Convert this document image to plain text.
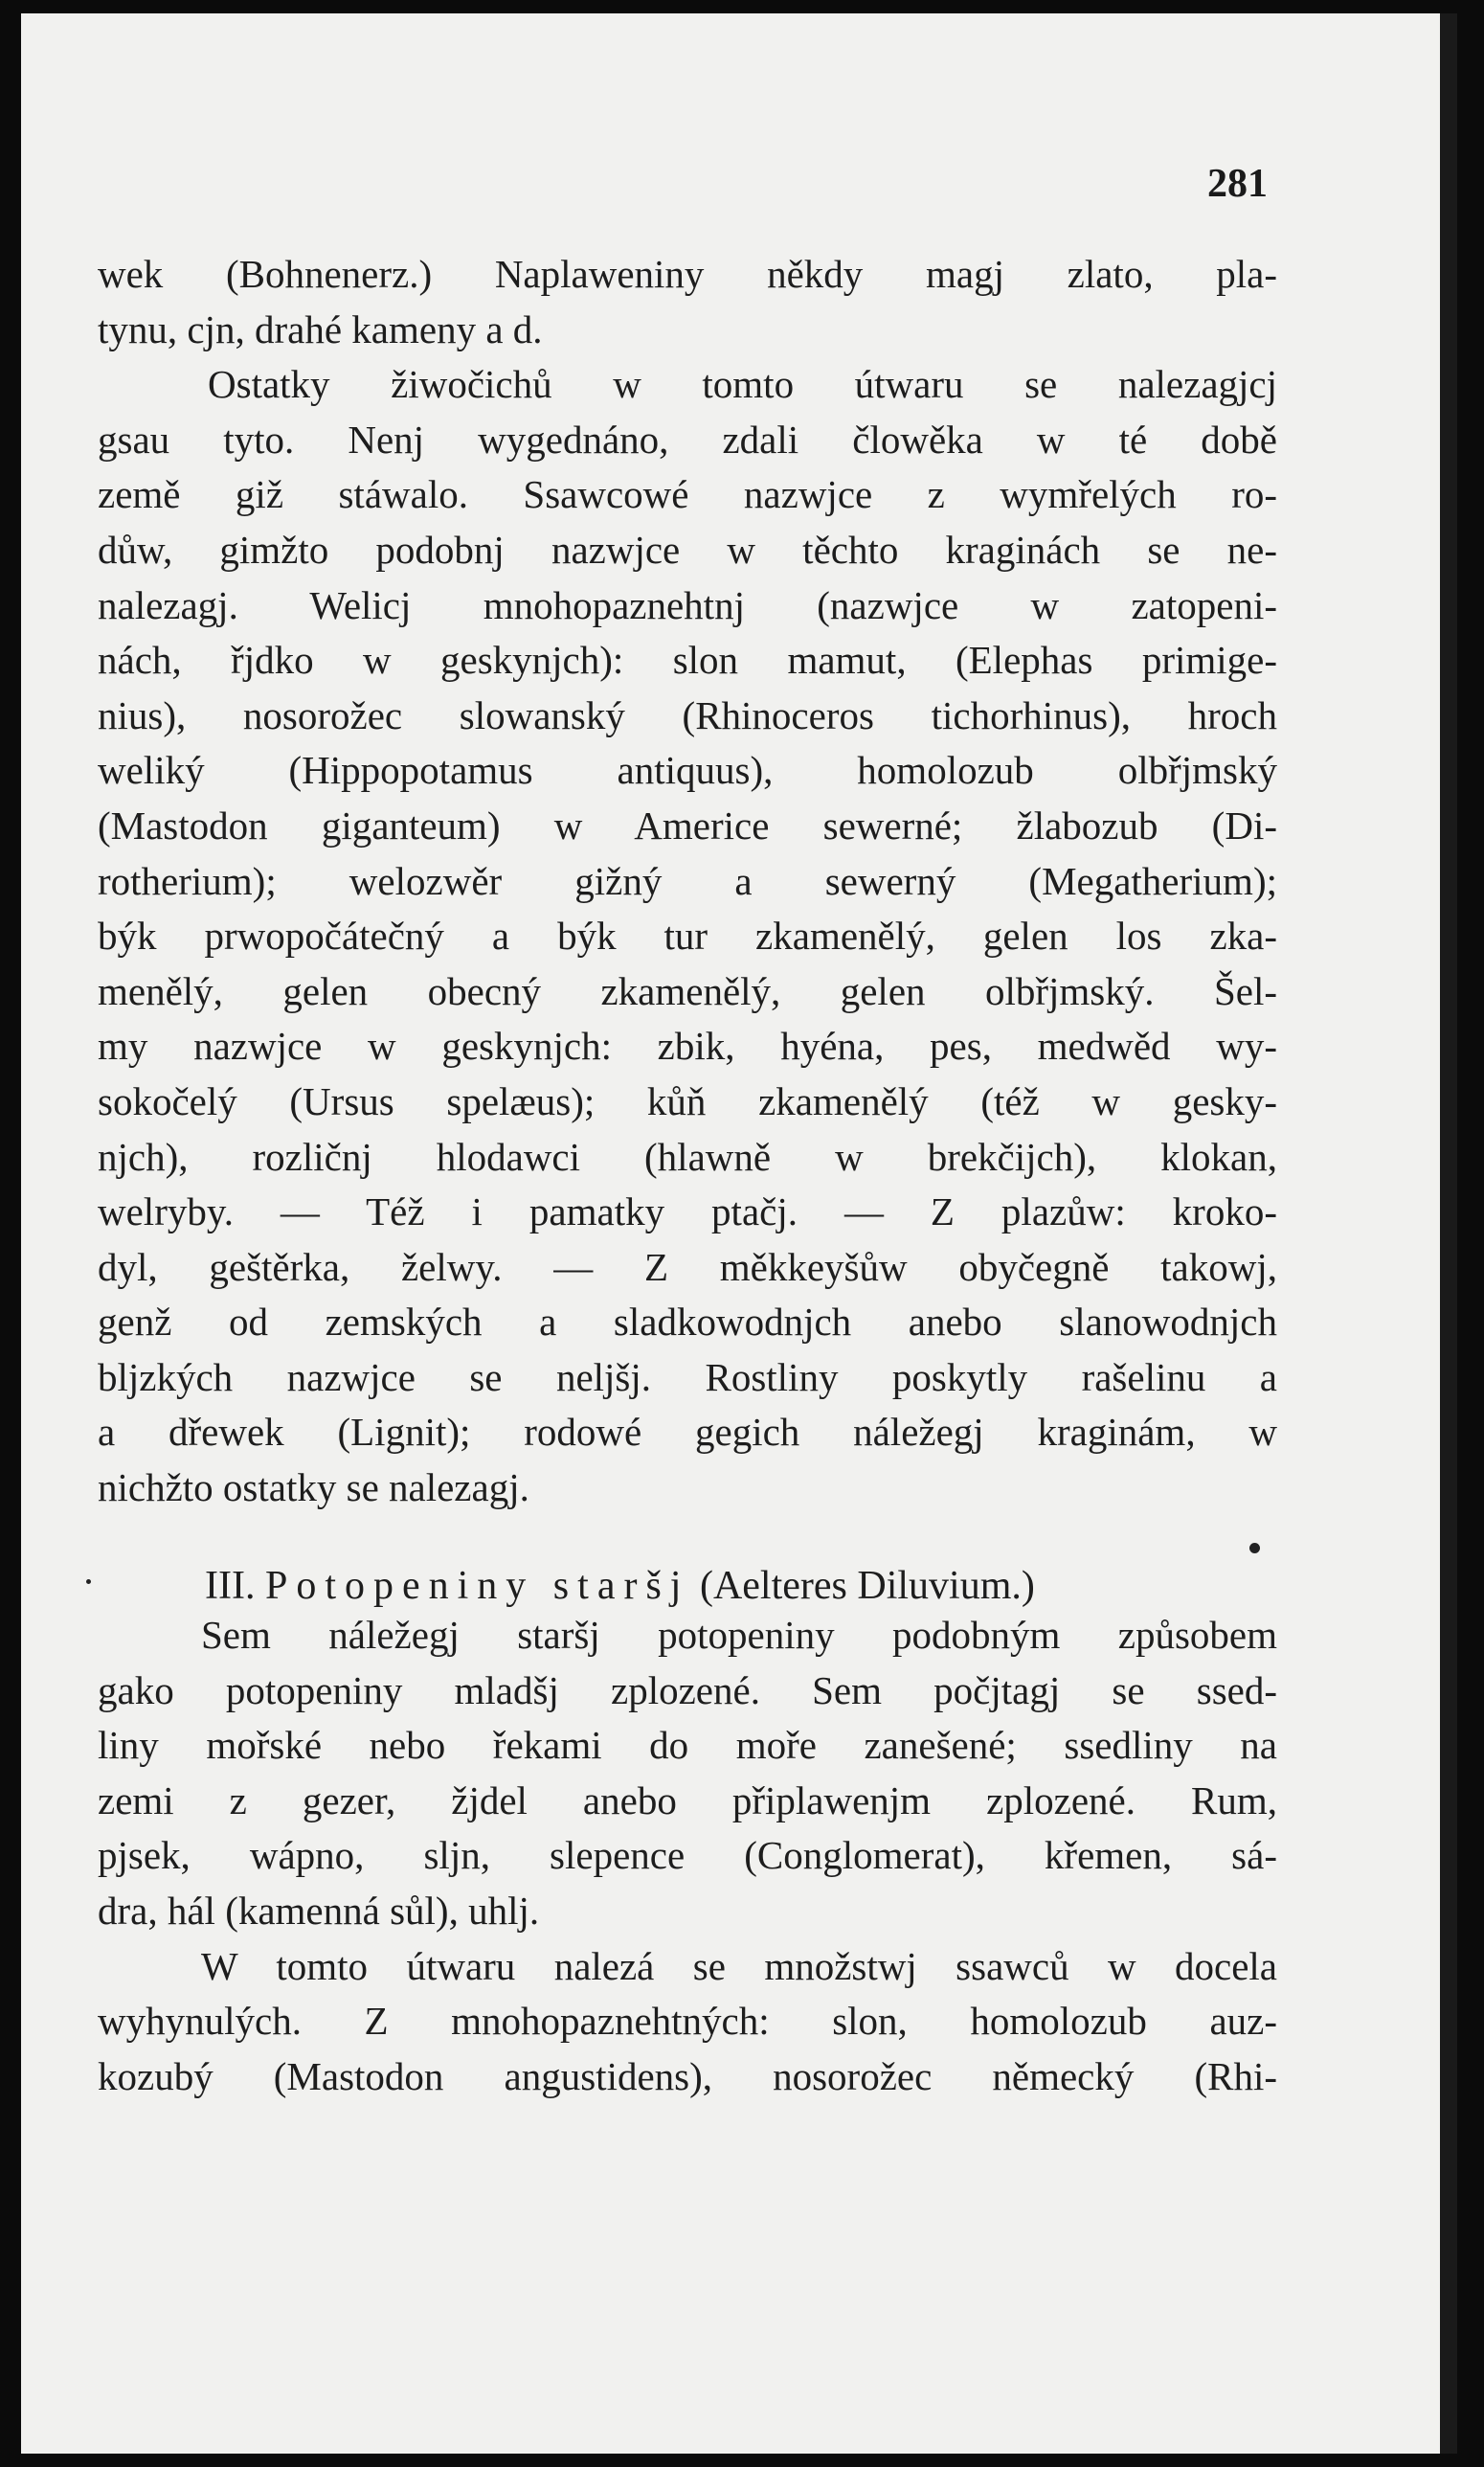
281
wek (Bohnenerz.) Naplaweniny někdy magj zlato, pla-
tynu, cjn, drahé kameny a d.
Ostatky žiwočichů w tomto útwaru se nalezagjcj
gsau tyto. Nenj wygednáno, zdali člowěka w té době
země giž stáwalo. Ssawcowé nazwjce z wymřelých ro-
důw, gimžto podobnj nazwjce w těchto kraginách se ne-
nalezagj. Welicj mnohopaznehtnj (nazwjce w zatopeni-
nách, řjdko w geskynjch): slon mamut, (Elephas primige-
nius), nosorožec slowanský (Rhinoceros tichorhinus), hroch
weliký (Hippopotamus antiquus), homolozub olbřjmský
(Mastodon giganteum) w Americe sewerné; žlabozub (Di-
rotherium); welozwěr gižný a sewerný (Megatherium);
býk prwopočátečný a býk tur zkamenělý, gelen los zka-
menělý, gelen obecný zkamenělý, gelen olbřjmský. Šel-
my nazwjce w geskynjch: zbik, hyéna, pes, medwěd wy-
sokočelý (Ursus spelæus); kůň zkamenělý (též w gesky-
njch), rozličnj hlodawci (hlawně w brekčijch), klokan,
welryby. — Též i pamatky ptačj. — Z plazůw: kroko-
dyl, geštěrka, želwy. — Z měkkeyšůw obyčegně takowj,
genž od zemských a sladkowodnjch anebo slanowodnjch
bljzkých nazwjce se neljšj. Rostliny poskytly rašelinu a
a dřewek (Lignit); rodowé gegich náležegj kraginám, w
nichžto ostatky se nalezagj.
III. Potopeniny staršj (Aelteres Diluvium.)
Sem náležegj staršj potopeniny podobným způsobem
gako potopeniny mladšj zplozené. Sem počjtagj se ssed-
liny mořské nebo řekami do moře zanešené; ssedliny na
zemi z gezer, žjdel anebo připlawenjm zplozené. Rum,
pjsek, wápno, sljn, slepence (Conglomerat), křemen, sá-
dra, hál (kamenná sůl), uhlj.
W tomto útwaru nalezá se množstwj ssawců w docela
wyhynulých. Z mnohopaznehtných: slon, homolozub auz-
kozubý (Mastodon angustidens), nosorožec německý (Rhi-
